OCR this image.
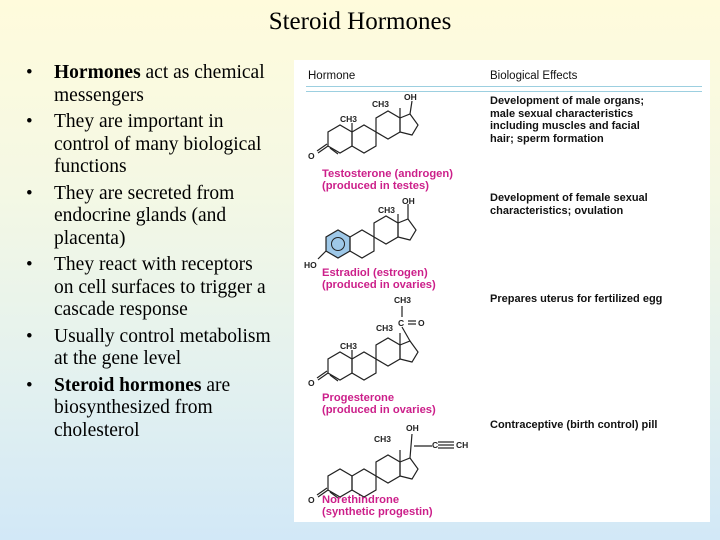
Steroid Hormones
• Hormones act as chemical messengers
• They are important in control of many biological functions
• They are secreted from endocrine glands (and placenta)
• They react with receptors on cell surfaces to trigger a cascade response
• Usually control metabolism at the gene level
• Steroid hormones are biosynthesized from cholesterol
Hormone	Biological Effects
CH3
OH
CH3
O
Testosterone (androgen)
(produced in testes)
Development of male organs;
male sexual characteristics
including muscles and facial
hair; sperm formation
OH
CH3
HO
Estradiol (estrogen)
(produced in ovaries)
Development of female sexual
characteristics; ovulation
CH3
C O
CH3
CH3
O
Progesterone
(produced in ovaries)
Prepares uterus for fertilized egg
CH3
OH
C CH
O Norethindrone
(synthetic progestin)
Contraceptive (birth control) pill
